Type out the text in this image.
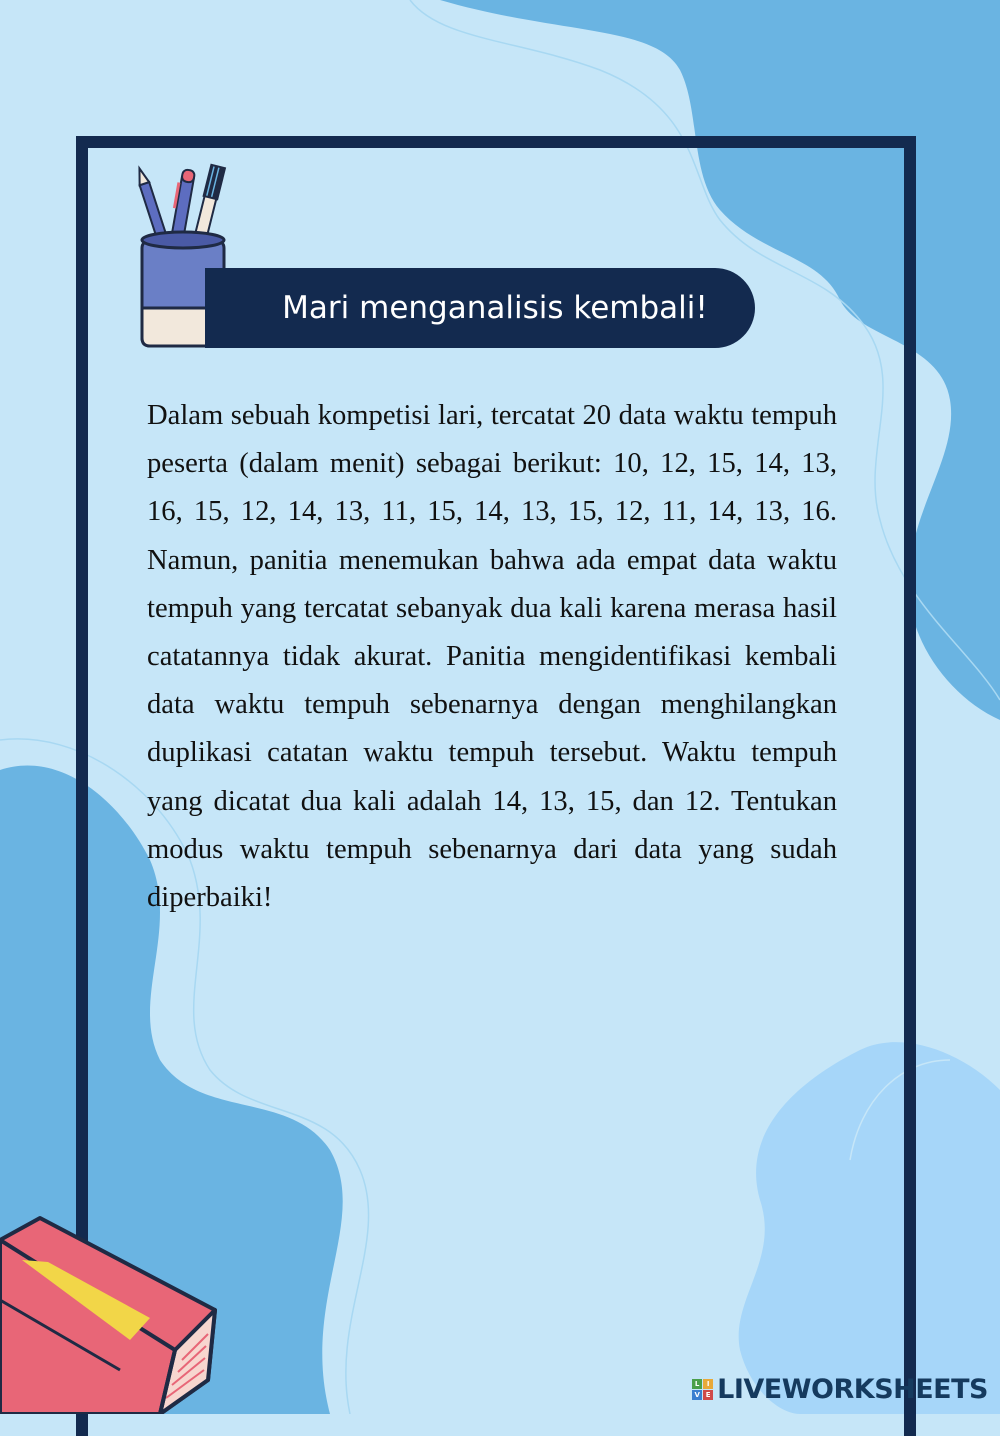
Mari menganalisis kembali!

Dalam sebuah kompetisi lari, tercatat 20 data waktu tempuh peserta (dalam menit) sebagai berikut: 10, 12, 15, 14, 13, 16, 15, 12, 14, 13, 11, 15, 14, 13, 15, 12, 11, 14, 13, 16. Namun, panitia menemukan bahwa ada empat data waktu tempuh yang tercatat sebanyak dua kali karena merasa hasil catatannya tidak akurat. Panitia mengidentifikasi kembali data waktu tempuh sebenarnya dengan menghilangkan duplikasi catatan waktu tempuh tersebut. Waktu tempuh yang dicatat dua kali adalah 14, 13, 15, dan 12. Tentukan modus waktu tempuh sebenarnya dari data yang sudah diperbaiki!

L	I
V E LIVEWORKSHEETS
